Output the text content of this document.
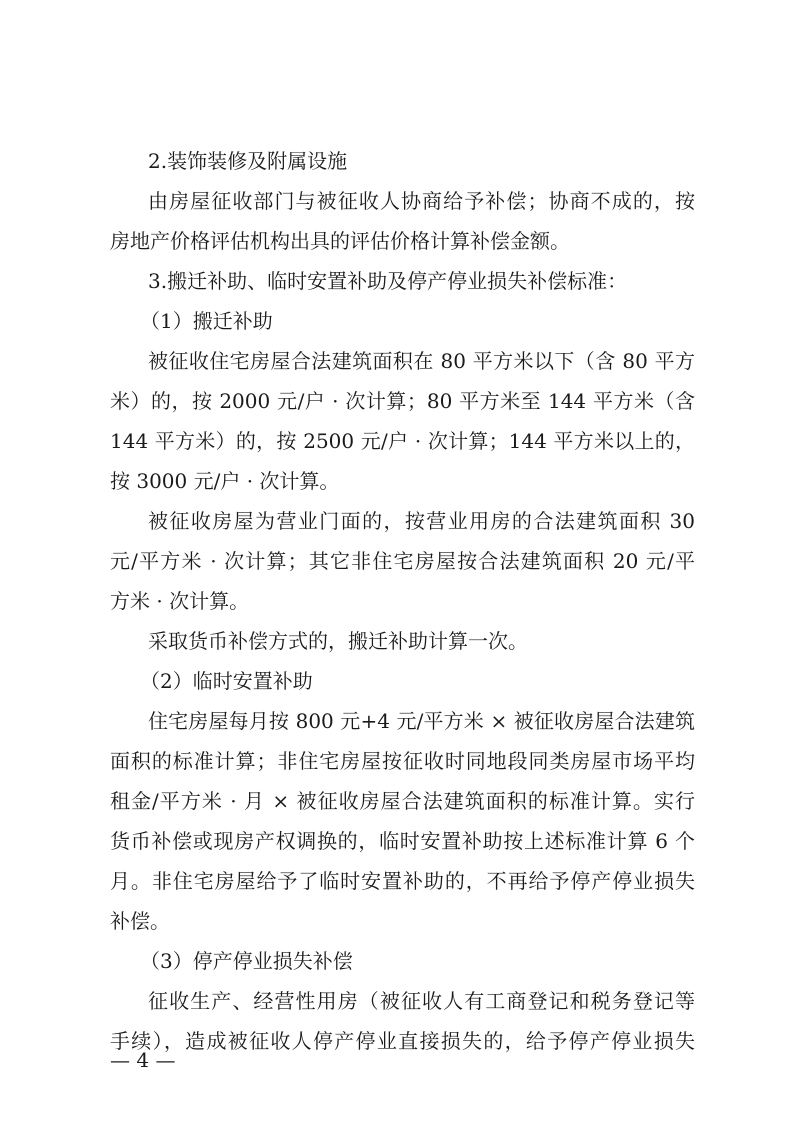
2.装饰装修及附属设施
由房屋征收部门与被征收人协商给予补偿；协商不成的，按
房地产价格评估机构出具的评估价格计算补偿金额。
3.搬迁补助、临时安置补助及停产停业损失补偿标准：
（1）搬迁补助
被征收住宅房屋合法建筑面积在 80 平方米以下（含 80 平方
米）的，按 2000 元/户 · 次计算；80 平方米至 144 平方米（含
144 平方米）的，按 2500 元/户 · 次计算；144 平方米以上的，
按 3000 元/户 · 次计算。
被征收房屋为营业门面的，按营业用房的合法建筑面积 30
元/平方米 · 次计算；其它非住宅房屋按合法建筑面积 20 元/平
方米 · 次计算。
采取货币补偿方式的，搬迁补助计算一次。
（2）临时安置补助
住宅房屋每月按 800 元+4 元/平方米 × 被征收房屋合法建筑
面积的标准计算；非住宅房屋按征收时同地段同类房屋市场平均
租金/平方米 · 月 × 被征收房屋合法建筑面积的标准计算。实行
货币补偿或现房产权调换的，临时安置补助按上述标准计算 6 个
月。非住宅房屋给予了临时安置补助的，不再给予停产停业损失
补偿。
（3）停产停业损失补偿
征收生产、经营性用房（被征收人有工商登记和税务登记等
手续），造成被征收人停产停业直接损失的，给予停产停业损失
— 4 —
